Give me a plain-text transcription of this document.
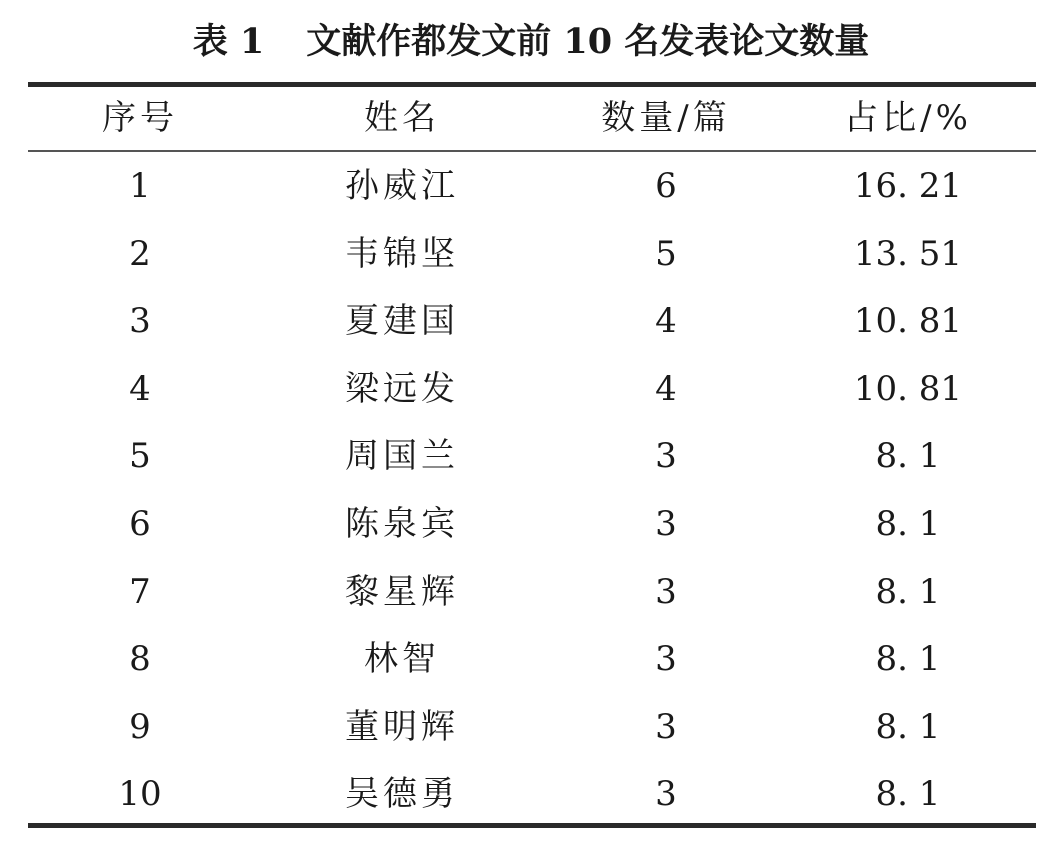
表 1 文献作都发文前 10 名发表论文数量
序号	姓名	数量/篇	占比/%
1	孙威江	6	16. 21
2	韦锦坚	5	13. 51
3	夏建国	4	10. 81
4	梁远发	4	10. 81
5	周国兰	3	8. 1
6	陈泉宾	3	8. 1
7	黎星辉	3	8. 1
8	林智	3	8. 1
9	董明辉	3	8. 1
10	吴德勇	3	8. 1
